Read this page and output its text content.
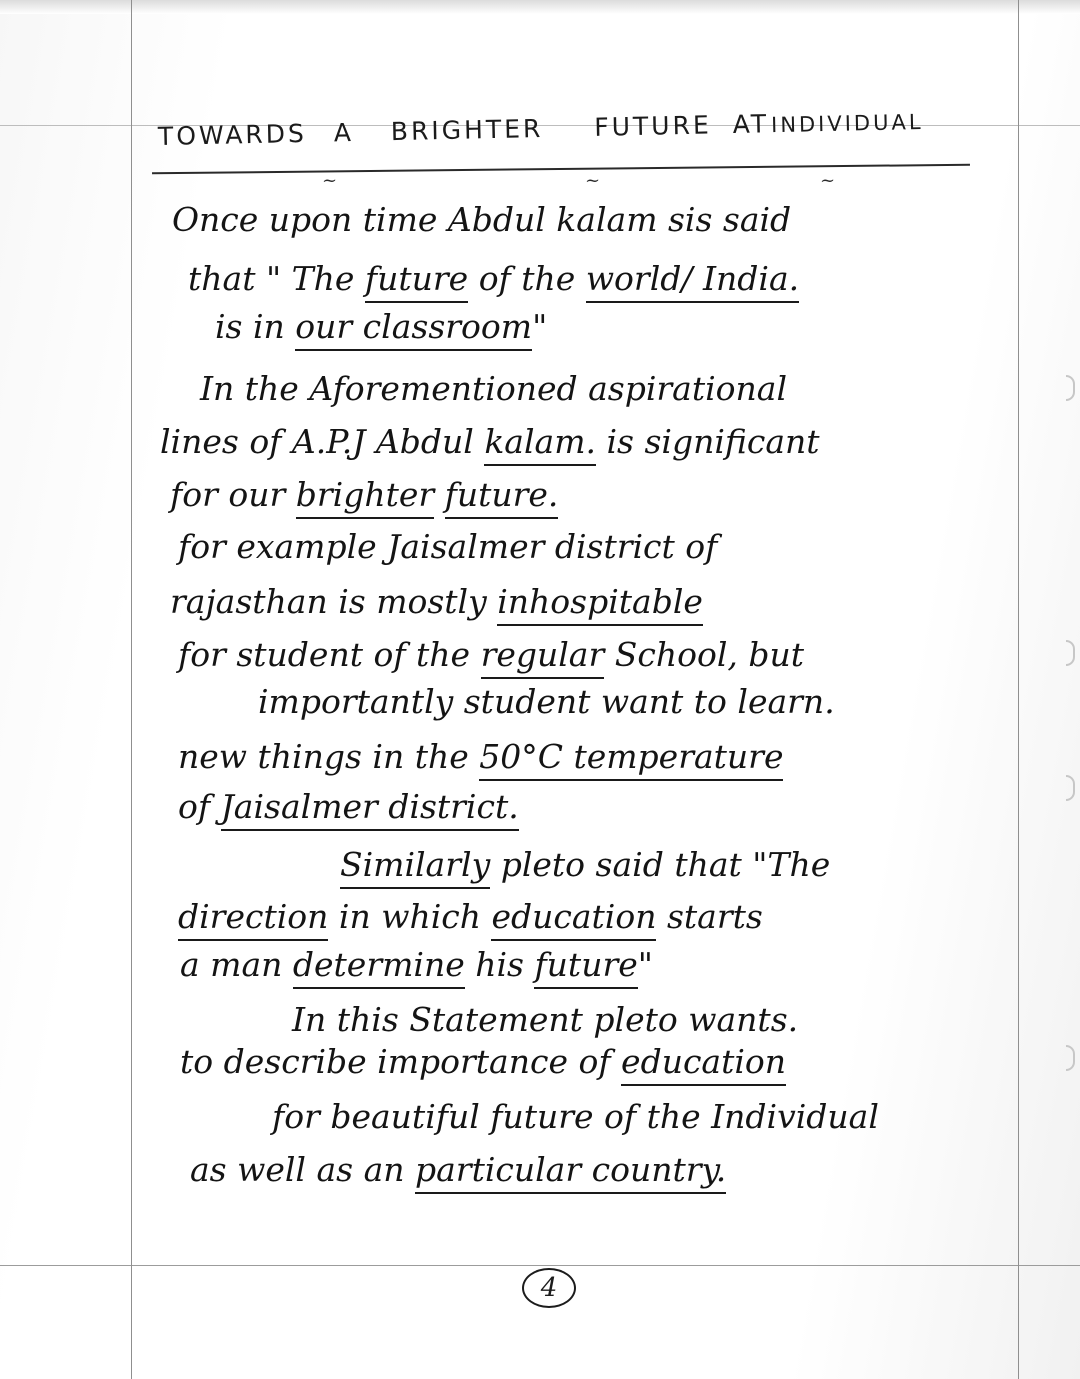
TOWARDS A BRIGHTER FUTURE ATINDIVIDUAL
~	~	~
Once upon time Abdul kalam sis said
that " The future of the world/ India.
is in our classroom"
In the Aforementioned aspirational
lines of A.P.J Abdul kalam. is significant
for our brighter future.
for example Jaisalmer district of
rajasthan is mostly inhospitable
for student of the regular School, but
importantly student want to learn.
new things in the 50°C temperature
of Jaisalmer district.
Similarly pleto said that "The
direction in which education starts
a man determine his future"
In this Statement pleto wants.
to describe importance of education
for beautiful future of the Individual
as well as an particular country.
4
